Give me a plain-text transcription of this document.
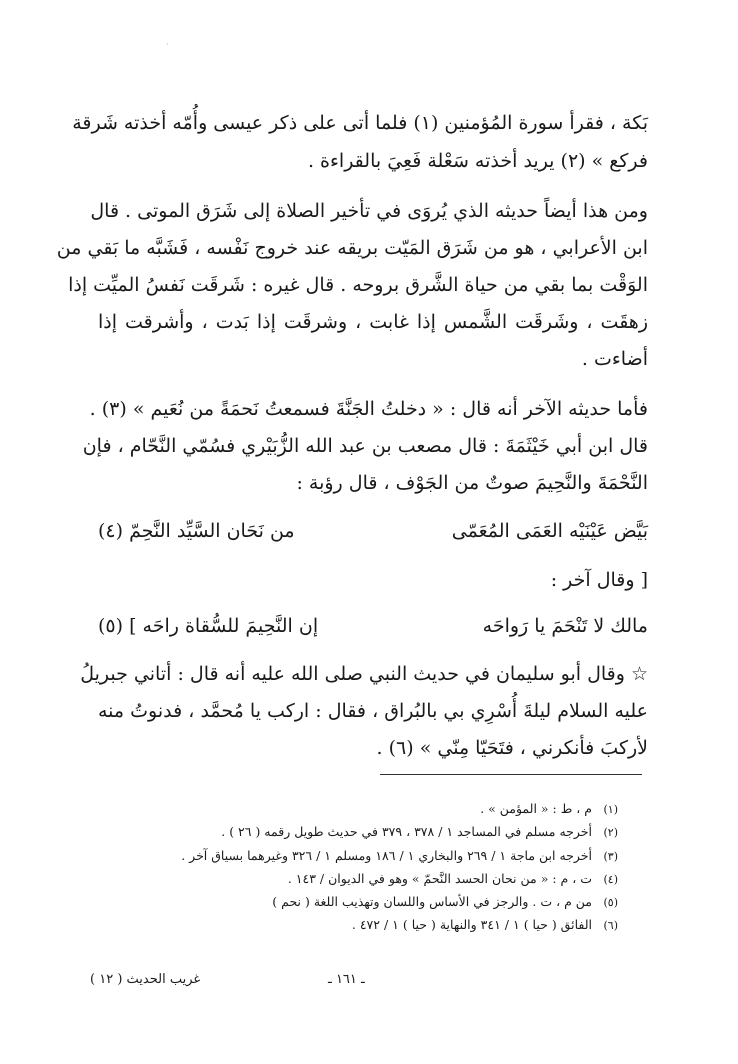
·
بَكة ، فقرأ سورة المُؤمنين (١) فلما أتى على ذكر عيسى وأُمّه أخذته شَرقة
فركع » (٢) يريد أخذته سَعْلة فَعِيَ بالقراءة .
ومن هذا أيضاً حديثه الذي يُروَى في تأخير الصلاة إلى شَرَق الموتى . قال
ابن الأعرابي ، هو من شَرَق المَيّت بريقه عند خروج نَفْسه ، فَشَبَّه ما بَقي من
الوَقْت بما بقي من حياة الشَّرق بروحه . قال غيره : شَرقَت نَفسُ الميِّت إذا
زهقَت ، وشَرقَت الشَّمس إذا غابت ، وشرقَت إذا بَدت ، وأشرقت إذا
أضاءت .
فأما حديثه الآخر أنه قال : « دخلتُ الجَنَّةَ فسمعتُ نَحمَةً من نُعَيم » (٣) .
قال ابن أبي خَيْثَمَةَ : قال مصعب بن عبد الله الزُّبَيْري فسُمّي النَّحّام ، فإن
النَّحْمَةَ والنَّحِيمَ صوتٌ من الجَوْف ، قال رؤبة :
بَيَّض عَيْنَيْه العَمَى المُعَمّى
من نَحَان السَّيِّد النَّحِمّ (٤)
[ وقال آخر :
مالك لا تَنْحَمَ يا رَواحَه
إن النَّحِيمَ للسُّقاة راحَه ] (٥)
☆ وقال أبو سليمان في حديث النبي صلى الله عليه أنه قال : أتاني جبريلُ
عليه السلام ليلةَ أُسْرِي بي بالبُراق ، فقال : اركب يا مُحمَّد ، فدنوتُ منه
لأركبَ فأنكرني ، فتَحَيّا مِنّي » (٦) .
(١)م ، ط : « المؤمن » .
(٢)أخرجه مسلم في المساجد ١ / ٣٧٨ ، ٣٧٩ في حديث طويل رقمه ( ٢٦ ) .
(٣)أخرجه ابن ماجة ١ / ٢٦٩ والبخاري ١ / ١٨٦ ومسلم ١ / ٣٢٦ وغيرهما بسياق آخر .
(٤)ت ، م : « من نحان الحسد النَّحمّ » وهو في الديوان / ١٤٣ .
(٥)من م ، ت . والرجز في الأساس واللسان وتهذيب اللغة ( نحم )
(٦)الفائق ( حيا ) ١ / ٣٤١ والنهاية ( حيا ) ١ / ٤٧٢ .
ـ ١٦١ ـ
غريب الحديث ( ١٢ )
